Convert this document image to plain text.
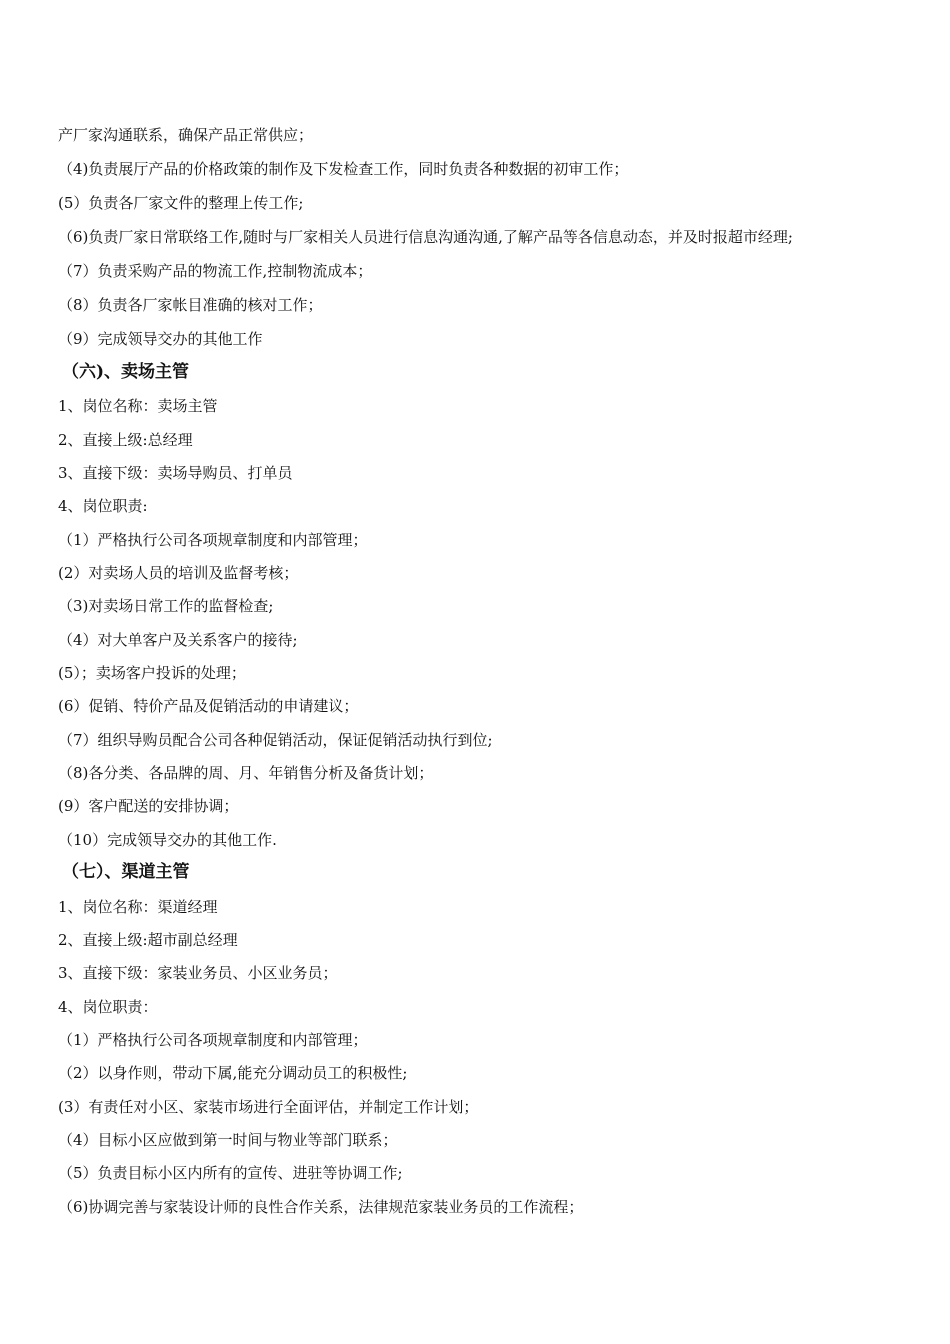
产厂家沟通联系，确保产品正常供应；
（4)负责展厅产品的价格政策的制作及下发检查工作，同时负责各种数据的初审工作；
(5）负责各厂家文件的整理上传工作;
（6)负责厂家日常联络工作,随时与厂家相关人员进行信息沟通沟通,了解产品等各信息动态，并及时报超市经理;
（7）负责采购产品的物流工作,控制物流成本；
（8）负责各厂家帐目准确的核对工作；
（9）完成领导交办的其他工作
（六)、卖场主管
1、岗位名称：卖场主管
2、直接上级:总经理
3、直接下级：卖场导购员、打单员
4、岗位职责:
（1）严格执行公司各项规章制度和内部管理；
(2）对卖场人员的培训及监督考核；
（3)对卖场日常工作的监督检查;
（4）对大单客户及关系客户的接待;
(5）；卖场客户投诉的处理；
(6）促销、特价产品及促销活动的申请建议；
（7）组织导购员配合公司各种促销活动，保证促销活动执行到位;
（8)各分类、各品牌的周、月、年销售分析及备货计划；
(9）客户配送的安排协调；
（10）完成领导交办的其他工作.
（七）、渠道主管
1、岗位名称：渠道经理
2、直接上级:超市副总经理
3、直接下级：家装业务员、小区业务员；
4、岗位职责：
（1）严格执行公司各项规章制度和内部管理；
（2）以身作则，带动下属,能充分调动员工的积极性;
(3）有责任对小区、家装市场进行全面评估，并制定工作计划；
（4）目标小区应做到第一时间与物业等部门联系；
（5）负责目标小区内所有的宣传、进驻等协调工作;
（6)协调完善与家装设计师的良性合作关系，法律规范家装业务员的工作流程；
